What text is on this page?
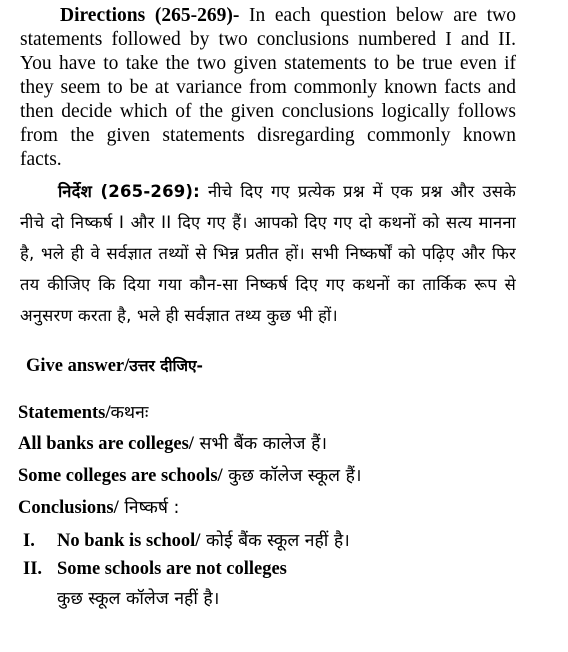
Directions (265-269)- In each question below are two statements followed by two conclusions numbered I and II. You have to take the two given statements to be true even if they seem to be at variance from commonly known facts and then decide which of the given conclusions logically follows from the given statements disregarding commonly known facts.

निर्देश (265-269): नीचे दिए गए प्रत्येक प्रश्न में एक प्रश्न और उसके नीचे दो निष्कर्ष I और II दिए गए हैं। आपको दिए गए दो कथनों को सत्य मानना है, भले ही वे सर्वज्ञात तथ्यों से भिन्न प्रतीत हों। सभी निष्कर्षों को पढ़िए और फिर तय कीजिए कि दिया गया कौन-सा निष्कर्ष दिए गए कथनों का तार्किक रूप से अनुसरण करता है, भले ही सर्वज्ञात तथ्य कुछ भी हों।

Give answer/उत्तर दीजिए-

Statements/कथनः

All banks are colleges/ सभी बैंक कालेज हैं।

Some colleges are schools/ कुछ कॉलेज स्कूल हैं।

Conclusions/ निष्कर्ष :

I. No bank is school/ कोई बैंक स्कूल नहीं है।

II. Some schools are not colleges

कुछ स्कूल कॉलेज नहीं है।
